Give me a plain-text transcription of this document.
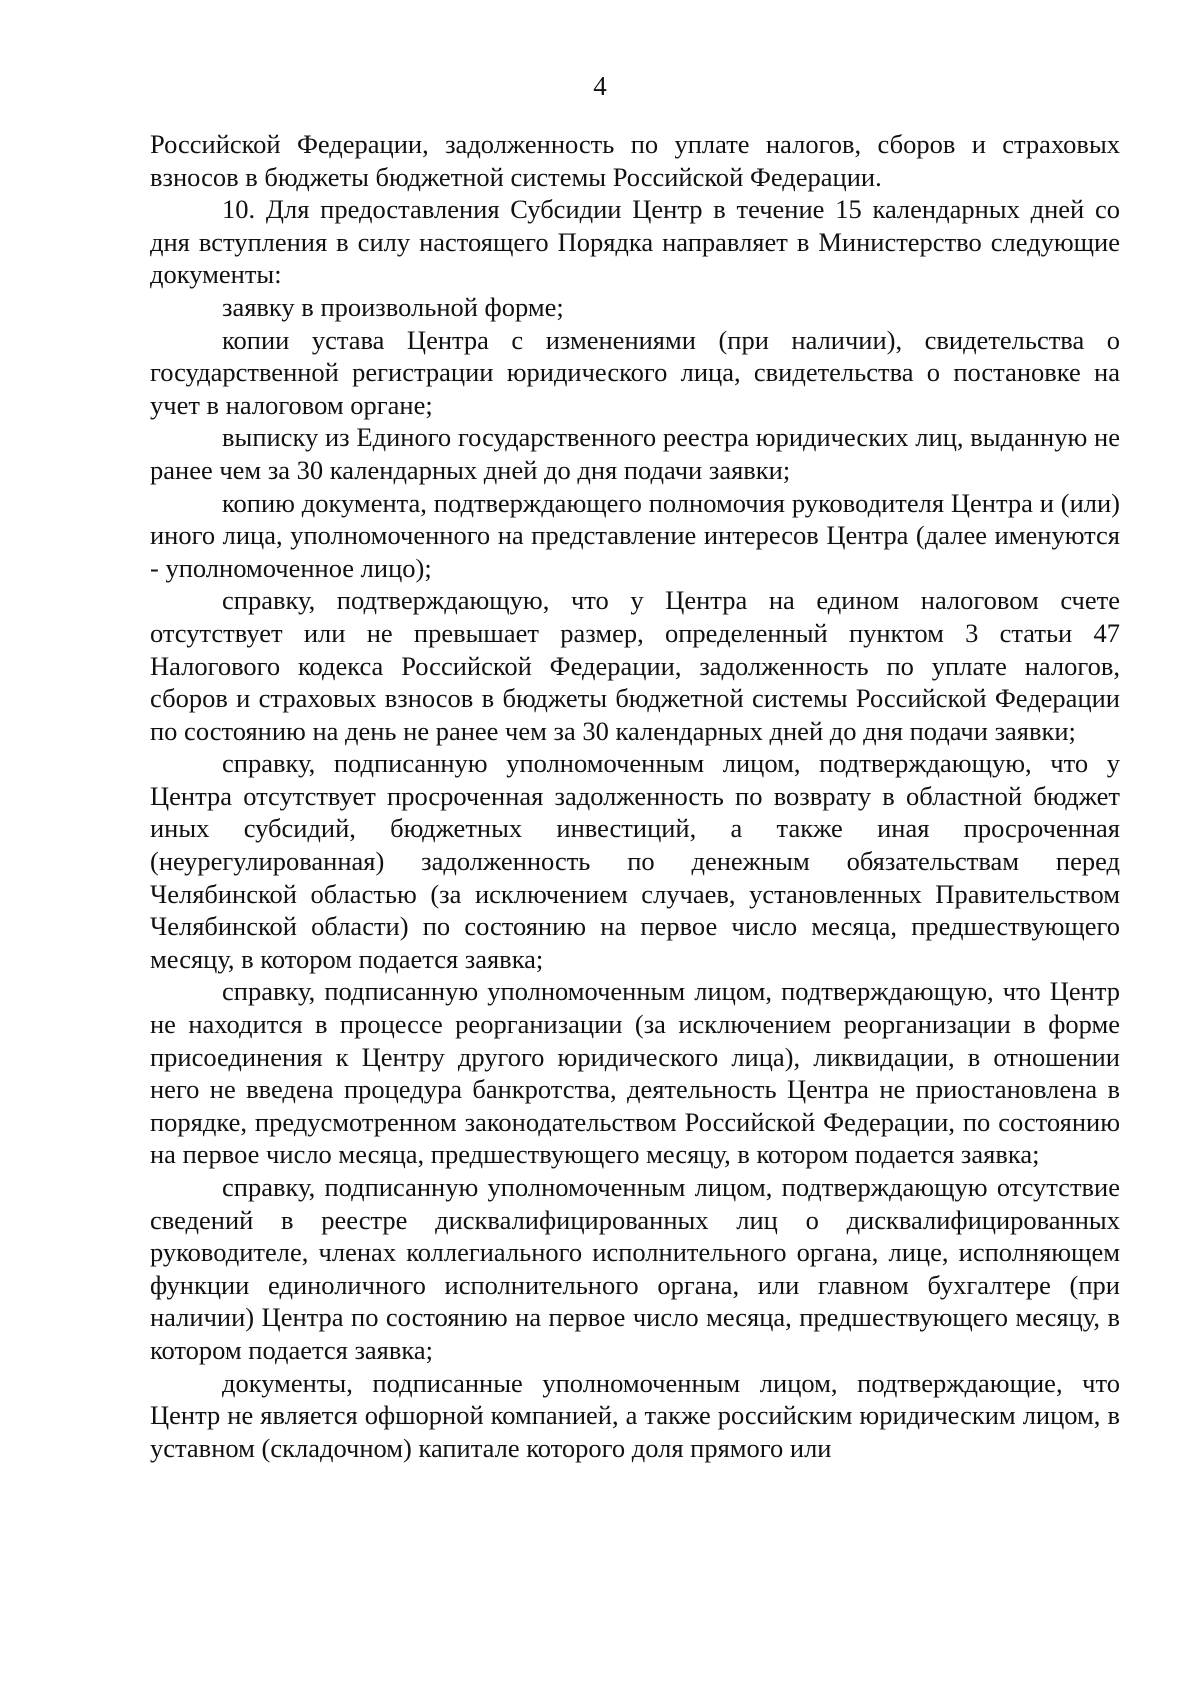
4

Российской Федерации, задолженность по уплате налогов, сборов и страховых взносов в бюджеты бюджетной системы Российской Федерации.

10. Для предоставления Субсидии Центр в течение 15 календарных дней со дня вступления в силу настоящего Порядка направляет в Министерство следующие документы:

заявку в произвольной форме;

копии устава Центра с изменениями (при наличии), свидетельства о государственной регистрации юридического лица, свидетельства о постановке на учет в налоговом органе;

выписку из Единого государственного реестра юридических лиц, выданную не ранее чем за 30 календарных дней до дня подачи заявки;

копию документа, подтверждающего полномочия руководителя Центра и (или) иного лица, уполномоченного на представление интересов Центра (далее именуются - уполномоченное лицо);

справку, подтверждающую, что у Центра на едином налоговом счете отсутствует или не превышает размер, определенный пунктом 3 статьи 47 Налогового кодекса Российской Федерации, задолженность по уплате налогов, сборов и страховых взносов в бюджеты бюджетной системы Российской Федерации по состоянию на день не ранее чем за 30 календарных дней до дня подачи заявки;

справку, подписанную уполномоченным лицом, подтверждающую, что у Центра отсутствует просроченная задолженность по возврату в областной бюджет иных субсидий, бюджетных инвестиций, а также иная просроченная (неурегулированная) задолженность по денежным обязательствам перед Челябинской областью (за исключением случаев, установленных Правительством Челябинской области) по состоянию на первое число месяца, предшествующего месяцу, в котором подается заявка;

справку, подписанную уполномоченным лицом, подтверждающую, что Центр не находится в процессе реорганизации (за исключением реорганизации в форме присоединения к Центру другого юридического лица), ликвидации, в отношении него не введена процедура банкротства, деятельность Центра не приостановлена в порядке, предусмотренном законодательством Российской Федерации, по состоянию на первое число месяца, предшествующего месяцу, в котором подается заявка;

справку, подписанную уполномоченным лицом, подтверждающую отсутствие сведений в реестре дисквалифицированных лиц о дисквалифицированных руководителе, членах коллегиального исполнительного органа, лице, исполняющем функции единоличного исполнительного органа, или главном бухгалтере (при наличии) Центра по состоянию на первое число месяца, предшествующего месяцу, в котором подается заявка;

документы, подписанные уполномоченным лицом, подтверждающие, что Центр не является офшорной компанией, а также российским юридическим лицом, в уставном (складочном) капитале которого доля прямого или
